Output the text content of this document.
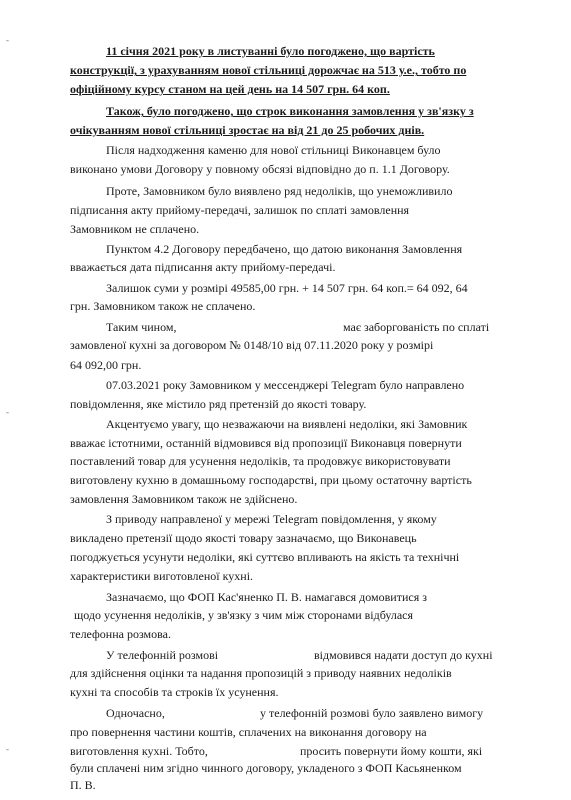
-
-
-
11 січня 2021 року в листуванні було погоджено, що вартість
конструкції, з урахуванням нової стільниці дорожчає на 513 у.е., тобто по
офіційному курсу станом на цей день на 14 507 грн. 64 коп.
Також, було погоджено, що строк виконання замовлення у зв'язку з
очікуванням нової стільниці зростає на від 21 до 25 робочих днів.
Після надходження каменю для нової стільниці Виконавцем було
виконано умови Договору у повному обсязі відповідно до п. 1.1 Договору.
Проте, Замовником було виявлено ряд недоліків, що унеможливило
підписання акту прийому-передачі, залишок по сплаті замовлення
Замовником не сплачено.
Пунктом 4.2 Договору передбачено, що датою виконання Замовлення
вважається дата підписання акту прийому-передачі.
Залишок суми у розмірі 49585,00 грн. + 14 507 грн. 64 коп.= 64 092, 64
грн. Замовником також не сплачено.
Таким чином,	має заборгованість по сплаті
замовленої кухні за договором № 0148/10 від 07.11.2020 року у розмірі
64 092,00 грн.
07.03.2021 року Замовником у мессенджері Telegram було направлено
повідомлення, яке містило ряд претензій до якості товару.
Акцентуємо увагу, що незважаючи на виявлені недоліки, які Замовник
вважає істотними, останній відмовився від пропозиції Виконавця повернути
поставлений товар для усунення недоліків, та продовжує використовувати
виготовлену кухню в домашньому господарстві, при цьому остаточну вартість
замовлення Замовником також не здійснено.
З приводу направленої у мережі Telegram повідомлення, у якому
викладено претензії щодо якості товару зазначаємо, що Виконавець
погоджується усунути недоліки, які суттєво впливають на якість та технічні
характеристики виготовленої кухні.
Зазначаємо, що ФОП Кас'яненко П. В. намагався домовитися з
щодо усунення недоліків, у зв'язку з чим між сторонами відбулася
телефонна розмова.
У телефонній розмові	відмовився надати доступ до кухні
для здійснення оцінки та надання пропозицій з приводу наявних недоліків
кухні та способів та строків їх усунення.
Одночасно,	у телефонній розмові було заявлено вимогу
про повернення частини коштів, сплачених на виконання договору на
виготовлення кухні. Тобто,	просить повернути йому кошти, які
були сплачені ним згідно чинного договору, укладеного з ФОП Касьяненком
П. В.
